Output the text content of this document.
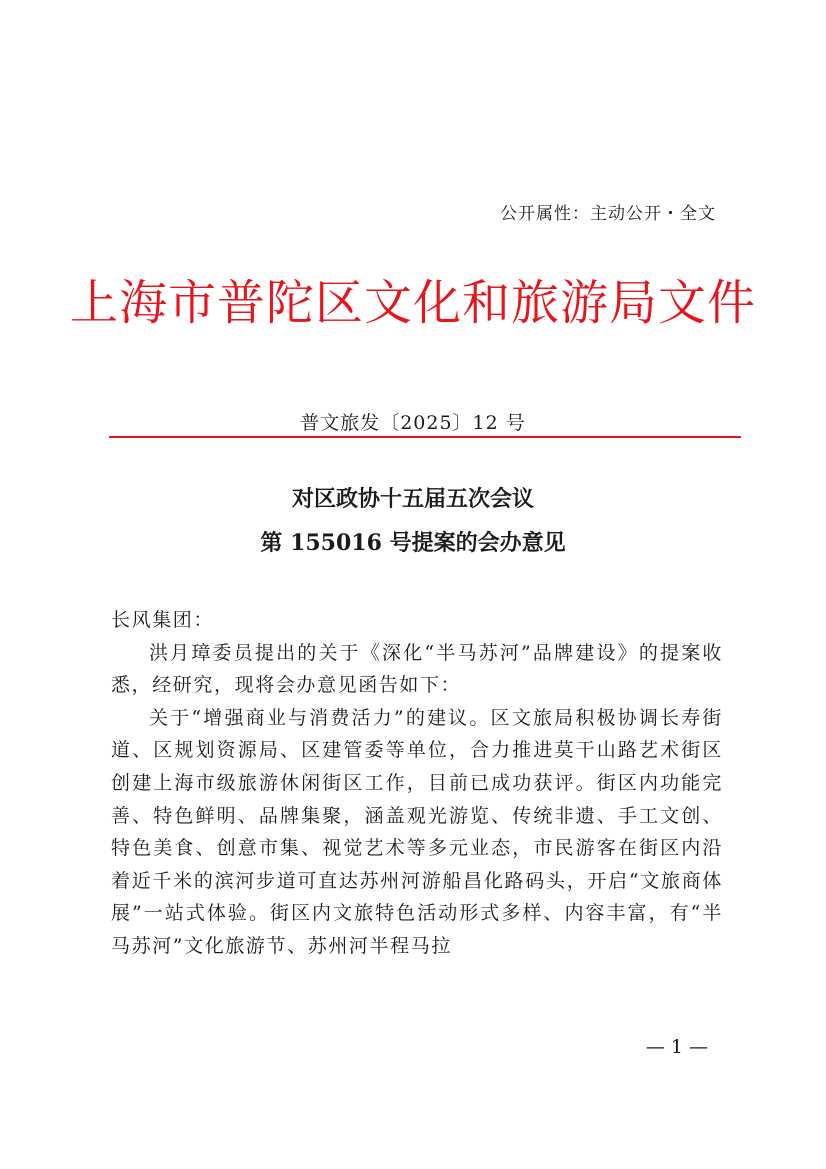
公开属性：主动公开・全文
上海市普陀区文化和旅游局文件
普文旅发〔2025〕12 号
对区政协十五届五次会议
第 155016 号提案的会办意见

长风集团：

洪月璋委员提出的关于《深化“半马苏河”品牌建设》的提案收悉，经研究，现将会办意见函告如下：

关于“增强商业与消费活力”的建议。区文旅局积极协调长寿街道、区规划资源局、区建管委等单位，合力推进莫干山路艺术街区创建上海市级旅游休闲街区工作，目前已成功获评。街区内功能完善、特色鲜明、品牌集聚，涵盖观光游览、传统非遗、手工文创、特色美食、创意市集、视觉艺术等多元业态，市民游客在街区内沿着近千米的滨河步道可直达苏州河游船昌化路码头，开启“文旅商体展”一站式体验。街区内文旅特色活动形式多样、内容丰富，有“半马苏河”文化旅游节、苏州河半程马拉

— 1 —
